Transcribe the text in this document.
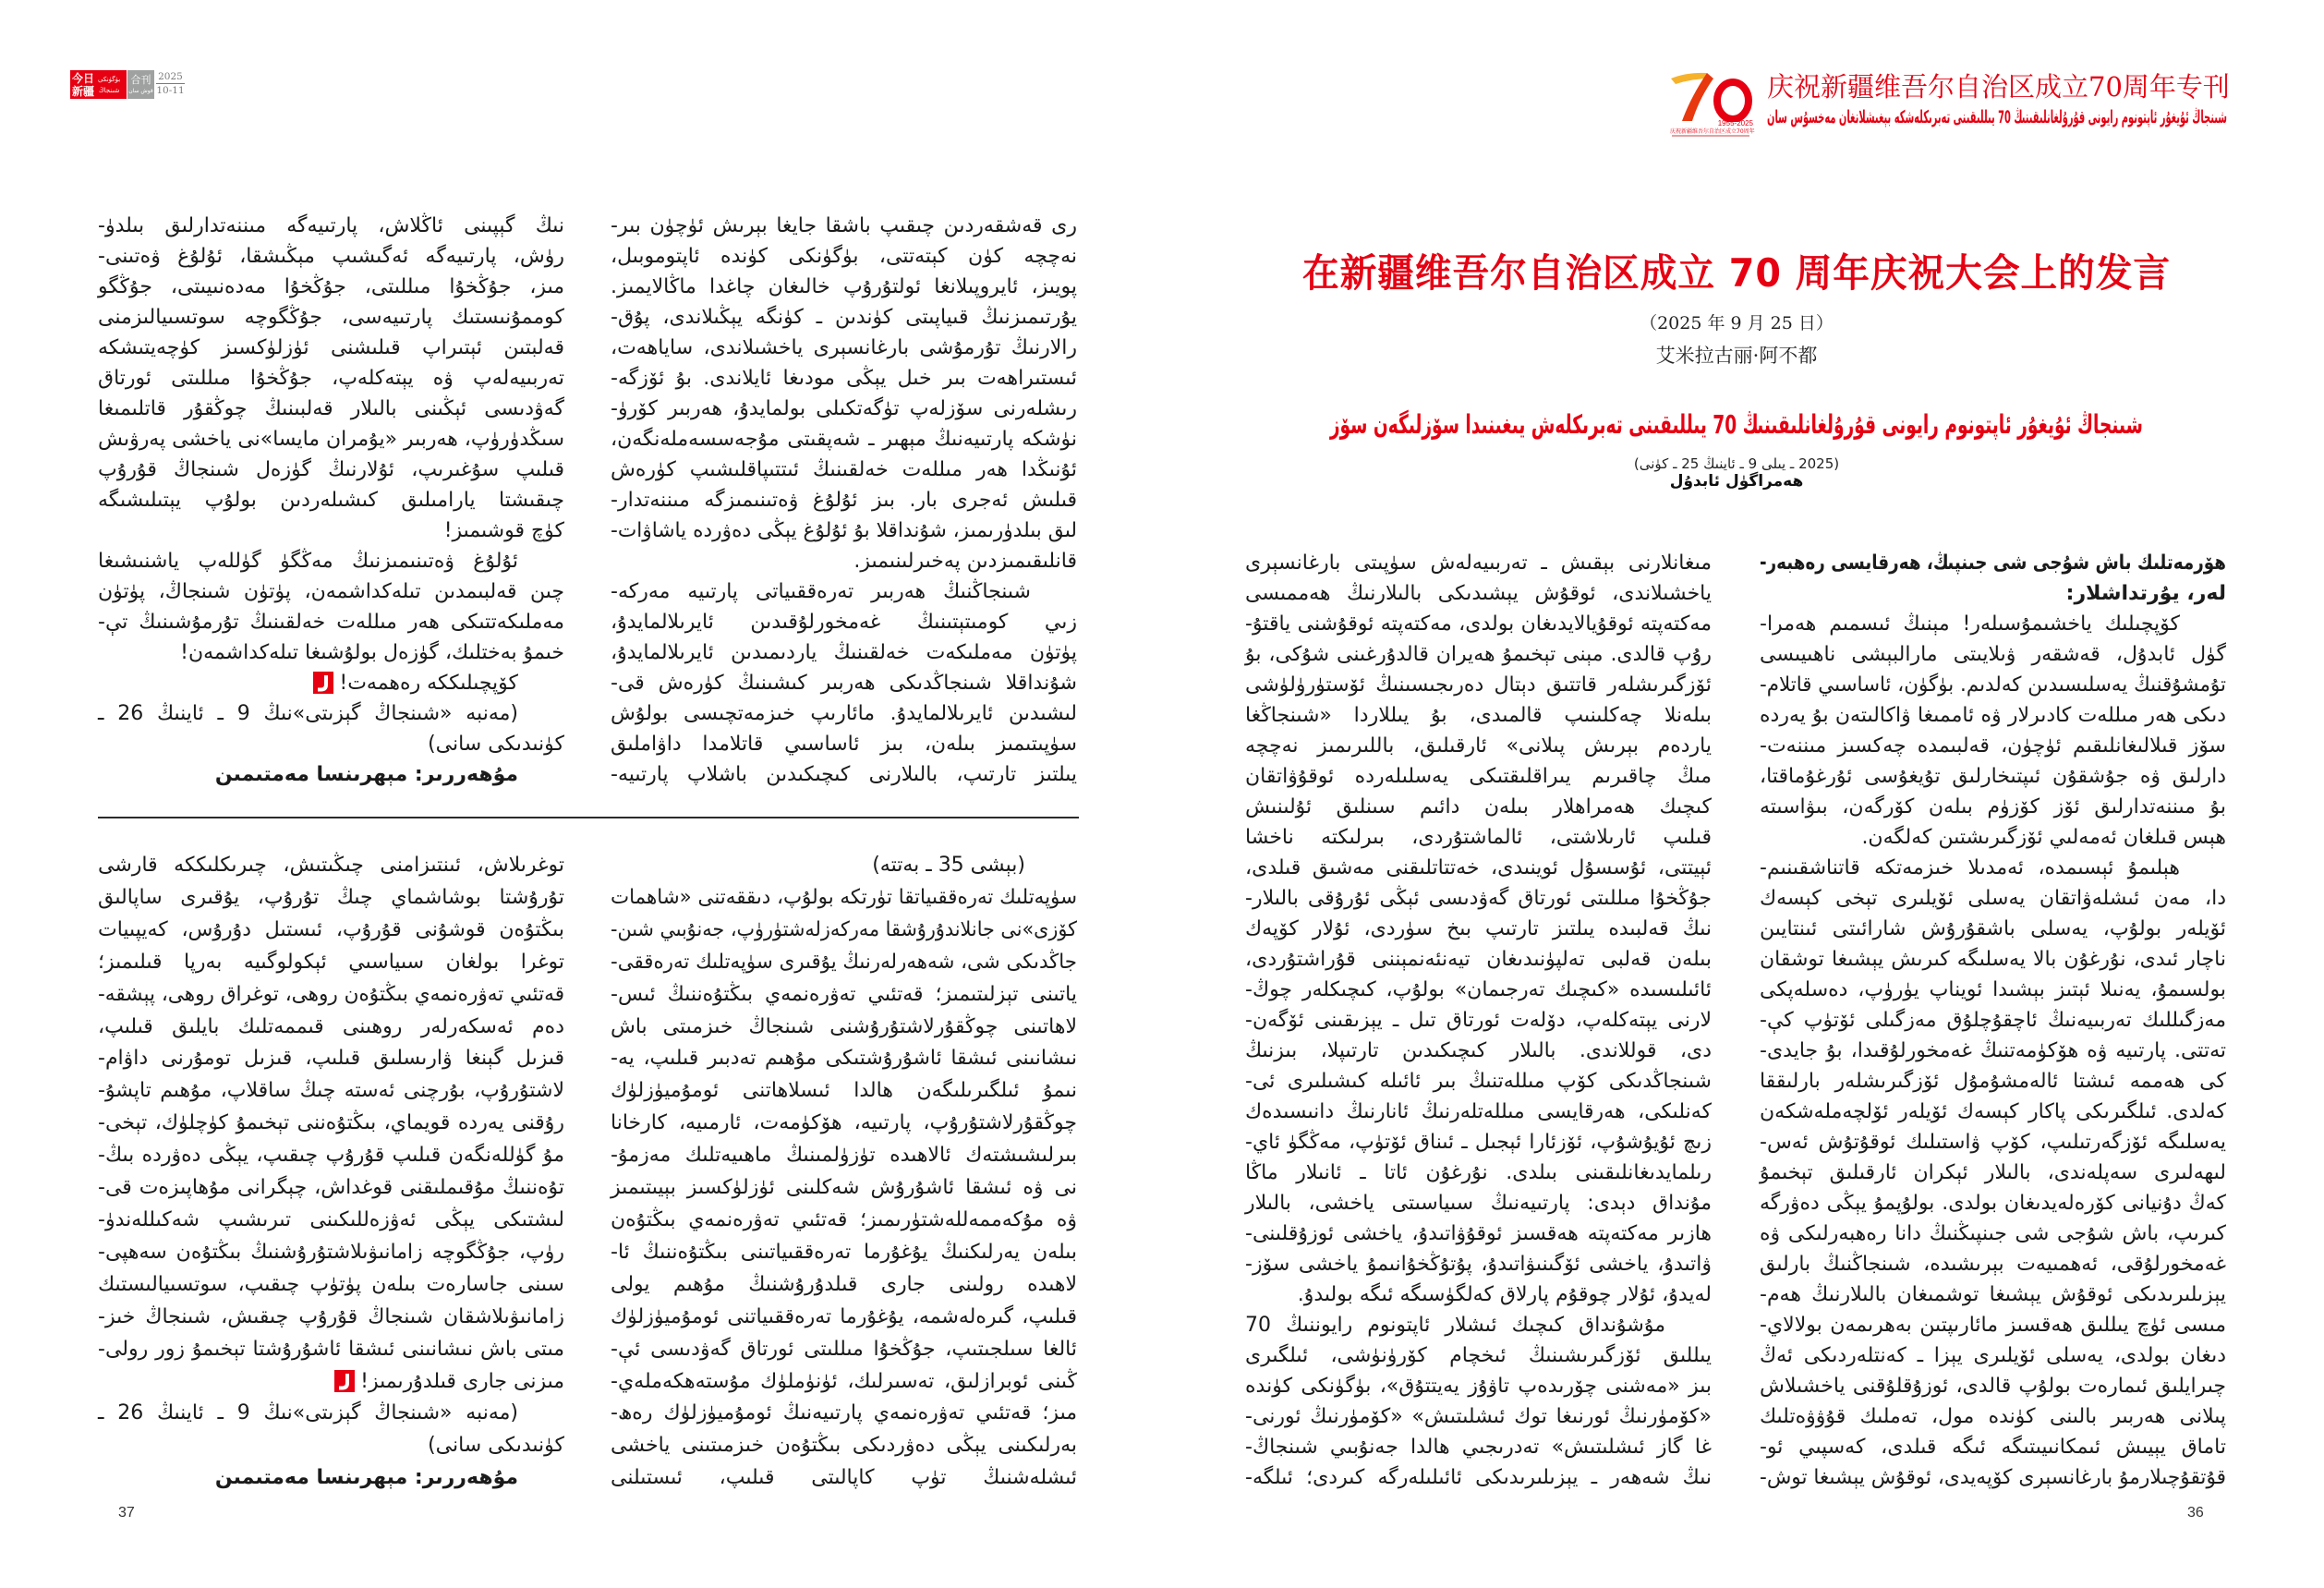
今日
新疆
بۈگۈنكى
شىنجاڭ
合刊
قوش سان
2025
10-11
1955-2025
庆祝新疆维吾尔自治区成立70周年
庆祝新疆维吾尔自治区成立70周年专刊
شىنجاڭ ئۇيغۇر ئاپتونوم رايونى قۇرۇلغانلىقىنىڭ 70 يىللىقىنى تەبرىكلەشكە بېغىشلانغان مەخسۇس سان
在新疆维吾尔自治区成立 70 周年庆祝大会上的发言
（2025 年 9 月 25 日）
艾米拉古丽·阿不都
شىنجاڭ ئۇيغۇر ئاپتونوم رايونى قۇرۇلغانلىقىنىڭ 70 يىللىقىنى تەبرىكلەش يىغىنىدا سۆزلىگەن سۆز
(2025 ـ يىلى 9 ـ ئاينىڭ 25 ـ كۈنى)
ھەمراگۈل ئابدۇل
ھۆرمەتلىك باش شۇجى شى جىنپىڭ، ھەرقايسى رەھبەر-
لەر، يۇرتداشلار:
كۆپچىلىك ياخشىمۇسىلەر! مېنىڭ ئىسمىم ھەمرا-
گۈل ئابدۇل، قەشقەر ۋىلايىتى مارالبېشى ناھىيىسى
تۇمشۇقنىڭ يەسلىسىدىن كەلدىم. بۈگۈن، ئاساسىي قاتلام-
دىكى ھەر مىللەت كادىرلار ۋە ئاممىغا ۋاكالىتەن بۇ يەردە
سۆز قىلالىغانلىقىم ئۈچۈن، قەلبىمدە چەكسىز مىننەت-
دارلىق ۋە جۇشقۇن ئىپتىخارلىق تۇيغۇسى ئۇرغۇماقتا،
بۇ مىننەتدارلىق ئۆز كۆزۈم بىلەن كۆرگەن، بىۋاسىتە
ھېس قىلغان ئەمەلىي ئۆزگىرىشتىن كەلگەن.
ھېلىمۇ ئېسىمدە، ئەمدىلا خىزمەتكە قاتناشقىنىم-
دا، مەن ئىشلەۋاتقان يەسلى ئۆيلىرى تېخى كېسەك
ئۆيلەر بولۇپ، يەسلى باشقۇرۇش شارائىتى ئىنتايىن
ناچار ئىدى، نۇرغۇن بالا يەسلىگە كىرىش يېشىغا توشقان
بولسىمۇ، يەنىلا ئېتىز بېشىدا ئويناپ يۈرۈپ، دەسلەپكى
مەزگىللىك تەربىيەنىڭ ئاچقۇچلۇق مەزگىلى ئۆتۈپ كې-
تەتتى. پارتىيە ۋە ھۆكۈمەتنىڭ غەمخورلۇقىدا، بۇ جايدى-
كى ھەممە ئىشتا ئالەمشۇمۇل ئۆزگىرىشلەر بارلىققا
كەلدى. ئىلگىرىكى پاكار كېسەك ئۆيلەر ئۆلچەملەشكەن
يەسلىگە ئۆزگەرتىلىپ، كۆپ ۋاستىلىك ئوقۇتۇش ئەس-
لىھەلىرى سەپلەندى، بالىلار ئېكران ئارقىلىق تېخىمۇ
كەڭ دۇنيانى كۆرەلەيدىغان بولدى. بولۇپمۇ يېڭى دەۋرگە
كىرىپ، باش شۇجى شى جىنپىڭنىڭ دانا رەھبەرلىكى ۋە
غەمخورلۇقى، ئەھمىيەت بېرىشىدە، شىنجاڭنىڭ بارلىق
يېزىلىرىدىكى ئوقۇش يېشىغا توشمىغان بالىلارنىڭ ھەم-
مىسى ئۈچ يىللىق ھەقسىز مائارىپتىن بەھرىمەن بولالاي-
دىغان بولدى، يەسلى ئۆيلىرى يېزا ـ كەنتلەردىكى ئەڭ
چىرايلىق ئىمارەت بولۇپ قالدى، ئوزۇقلۇقنى ياخشىلاش
پىلانى ھەربىر بالىنى كۈندە مول، تەملىك قۇۋۋەتلىك
تاماق يېيىش ئىمكانىيىتىگە ئىگە قىلدى، كەسپىي ئو-
قۇتقۇچىلارمۇ بارغانسېرى كۆپەيدى، ئوقۇش يېشىغا توش-
مىغانلارنى بېقىش ـ تەربىيەلەش سۈپىتى بارغانسېرى
ياخشىلاندى، ئوقۇش يېشىدىكى بالىلارنىڭ ھەممىسى
مەكتەپتە ئوقۇيالايدىغان بولدى، مەكتەپتە ئوقۇشنى ياقتۇ-
رۇپ قالدى. مېنى تېخىمۇ ھەيران قالدۇرغىنى شۇكى، بۇ
ئۆزگىرىشلەر قاتتىق دېتال دەرىجىسىنىڭ ئۆستۈرۈلۈشى
بىلەنلا چەكلىنىپ قالمىدى، بۇ يىللاردا «شىنجاڭغا
ياردەم بېرىش پىلانى» ئارقىلىق، باللىرىمىز نەچچە
مىڭ چاقىرىم يىراقلىقتىكى يەسلىلەردە ئوقۇۋاتقان
كىچىك ھەمراھلار بىلەن دائىم سىنلىق ئۇلىنىش
قىلىپ ئارىلاشتى، ئالماشتۇردى، بىرلىكتە ناخشا
ئېيتتى، ئۇسسۇل ئوينىدى، خەتتاتلىقنى مەشىق قىلدى،
جۇڭخۇا مىللىتى ئورتاق گەۋدىسى ئېڭى ئۇرۇقى بالىلار-
نىڭ قەلبىدە يىلتىز تارتىپ بىخ سۈردى، ئۇلار كۆپەك
بىلەن قەلبى تەلپۈنىدىغان تيەنئەنمېننى قۇراشتۇردى،
ئائىلىسىدە «كىچىك تەرجىمان» بولۇپ، كىچىكلەر چوڭ-
لارنى يېتەكلەپ، دۆلەت ئورتاق تىل ـ يېزىقىنى ئۆگەن-
دى، قوللاندى. بالىلار كىچىكىدىن تارتىپلا، بىزنىڭ
شىنجاڭدىكى كۆپ مىللەتنىڭ بىر ئائىلە كىشىلىرى ئى-
كەنلىكى، ھەرقايسى مىللەتلەرنىڭ ئانارنىڭ دانىسىدەك
زىچ ئۇيۇشۇپ، ئۆزئارا ئېجىل ـ ئىناق ئۆتۈپ، مەڭگۈ ئاي-
رىلمايدىغانلىقىنى بىلدى. نۇرغۇن ئاتا ـ ئانىلار ماڭا
مۇنداق دېدى: پارتىيەنىڭ سىياسىتى ياخشى، بالىلار
ھازىر مەكتەپتە ھەقسىز ئوقۇۋاتىدۇ، ياخشى ئوزۇقلىنى-
ۋاتىدۇ، ياخشى ئۆگىنىۋاتىدۇ، پۇتۇڭخۇانىمۇ ياخشى سۆز-
لەيدۇ، ئۇلار چوقۇم پارلاق كەلگۈسىگە ئىگە بولىدۇ.
مۇشۇنداق كىچىك ئىشلار ئاپتونوم رايوننىڭ 70
يىللىق ئۆزگىرىشىنىڭ ئىخچام كۆرۈنۈشى، ئىلگىرى
بىز «مەشنى چۆرىدەپ تاۋۇز يەيتتۇق»، بۈگۈنكى كۈندە
«كۆمۈرنىڭ ئورنىغا توك ئىشلىتىش» «كۆمۈرنىڭ ئورنى-
غا گاز ئىشلىتىش» تەدرىجىي ھالدا جەنۇبىي شىنجاڭ-
نىڭ شەھەر ـ يېزىلىرىدىكى ئائىلىلەرگە كىردى؛ ئىلگە-
رى قەشقەردىن چىقىپ باشقا جايغا بېرىش ئۈچۈن بىر-
نەچچە كۈن كېتەتتى، بۈگۈنكى كۈندە ئاپتوموبىل،
پويىز، ئايروپىلانغا ئولتۇرۇپ خالىغان چاغدا ماڭالايمىز.
يۇرتىمىزنىڭ قىياپىتى كۈندىن ـ كۈنگە يېڭىلاندى، پۇق-
رالارنىڭ تۇرمۇشى بارغانسېرى ياخشىلاندى، ساياھەت،
ئىستىراھەت بىر خىل يېڭى مودىغا ئايلاندى. بۇ ئۆزگە-
رىشلەرنى سۆزلەپ تۈگەتكىلى بولمايدۇ، ھەربىر كۆرۈ-
نۈشكە پارتىيەنىڭ مېھىر ـ شەپقىتى مۇجەسسەملەنگەن،
ئۇنىڭدا ھەر مىللەت خەلقىنىڭ ئىتتىپاقلىشىپ كۈرەش
قىلىش ئەجرى بار. بىز ئۇلۇغ ۋەتىنىمىزگە مىننەتدار-
لىق بىلدۈرىمىز، شۇنداقلا بۇ ئۇلۇغ يېڭى دەۋردە ياشاۋات-
قانلىقىمىزدىن پەخىرلىنىمىز.
شىنجاڭنىڭ ھەربىر تەرەققىياتى پارتىيە مەركە-
زىي كومىتېتىنىڭ غەمخورلۇقىدىن ئايرىلالمايدۇ،
پۈتۈن مەملىكەت خەلقىنىڭ ياردىمىدىن ئايرىلالمايدۇ،
شۇنداقلا شىنجاڭدىكى ھەربىر كىشىنىڭ كۈرەش قى-
لىشىدىن ئايرىلالمايدۇ. مائارىپ خىزمەتچىسى بولۇش
سۈپىتىمىز بىلەن، بىز ئاساسىي قاتلامدا داۋاملىق
يىلتىز تارتىپ، بالىلارنى كىچىكىدىن باشلاپ پارتىيە-
نىڭ گېپىنى ئاڭلاش، پارتىيەگە مىننەتدارلىق بىلدۈ-
رۈش، پارتىيەگە ئەگىشىپ مېڭىشقا، ئۇلۇغ ۋەتىنى-
مىز، جۇڭخۇا مىللىتى، جۇڭخۇا مەدەنىيىتى، جۇڭگو
كوممۇنىستىك پارتىيەسى، جۇڭگوچە سوتسىيالىزمنى
قەلبتىن ئېتىراپ قىلىشنى ئۈزلۈكسىز كۈچەيتىشكە
تەربىيەلەپ ۋە يېتەكلەپ، جۇڭخۇا مىللىتى ئورتاق
گەۋدىسى ئېڭىنى بالىلار قەلبىنىڭ چوڭقۇر قاتلىمىغا
سىڭدۈرۈپ، ھەربىر «يۇمران مايسا»نى ياخشى پەرۋىش
قىلىپ سۇغىرىپ، ئۇلارنىڭ گۈزەل شىنجاڭ قۇرۇپ
چىقىشتا يارامىلىق كىشىلەردىن بولۇپ يېتىلىشىگە
كۈچ قوشىمىز!
ئۇلۇغ ۋەتىنىمىزنىڭ مەڭگۈ گۈللەپ ياشنىشىغا
چىن قەلبىمدىن تىلەكداشمەن، پۈتۈن شىنجاڭ، پۈتۈن
مەملىكەتتىكى ھەر مىللەت خەلقىنىڭ تۇرمۇشىنىڭ تې-
خىمۇ بەختلىك، گۈزەل بولۇشىغا تىلەكداشمەن!
كۆپچىلىككە رەھمەت!
(مەنبە «شىنجاڭ گېزىتى»نىڭ 9 ـ ئاينىڭ 26 ـ
كۈنىدىكى سانى)
مۇھەررىر: مېھرىنسا مەمتىمىن
(بېشى 35 ـ بەتتە)
سۈپەتلىك تەرەققىياتقا تۈرتكە بولۇپ، دىققەتنى «شاھمات
كۆزى»نى جانلاندۇرۇشقا مەركەزلەشتۈرۈپ، جەنۇبىي شىن-
جاڭدىكى شى، شەھەرلەرنىڭ يۇقىرى سۈپەتلىك تەرەققى-
ياتىنى تېزلىتىمىز؛ قەتئىي تەۋرەنمەي بىڭتۇەننىڭ ئىس-
لاھاتىنى چوڭقۇرلاشتۇرۇشنى شىنجاڭ خىزمىتى باش
نىشانىنى ئىشقا ئاشۇرۇشتىكى مۇھىم تەدبىر قىلىپ، يە-
نىمۇ ئىلگىرىلىگەن ھالدا ئىسلاھاتنى ئومۇميۈزلۈك
چوڭقۇرلاشتۇرۇپ، پارتىيە، ھۆكۈمەت، ئارمىيە، كارخانا
بىرلىشىشتەك ئالاھىدە تۈزۈلمىنىڭ ماھىيەتلىك مەزمۇ-
نى ۋە ئىشقا ئاشۇرۇش شەكلىنى ئۈزلۈكسىز بېيىتىمىز
ۋە مۇكەممەللەشتۈرىمىز؛ قەتئىي تەۋرەنمەي بىڭتۇەن
بىلەن يەرلىكنىڭ يۇغۇرما تەرەققىياتىنى بىڭتۇەننىڭ ئا-
لاھىدە رولىنى جارى قىلدۇرۇشنىڭ مۇھىم يولى
قىلىپ، گىرەلەشمە، يۇغۇرما تەرەققىياتنى ئومۇميۈزلۈك
ئالغا سىلجىتىپ، جۇڭخۇا مىللىتى ئورتاق گەۋدىسى ئې-
ڭىنى ئوبرازلىق، تەسىرلىك، ئۈنۈملۈك مۇستەھكەملەي-
مىز؛ قەتئىي تەۋرەنمەي پارتىيەنىڭ ئومۇميۈزلۈك رەھ-
بەرلىكىنى يېڭى دەۋردىكى بىڭتۇەن خىزمىتىنى ياخشى
ئىشلەشنىڭ تۈپ كاپالىتى قىلىپ، ئىستىلنى
توغرىلاش، ئىنتىزامنى چىڭىتىش، چىرىكلىككە قارشى
تۇرۇشتا بوشاشماي چىڭ تۇرۇپ، يۇقىرى ساپالىق
بىڭتۇەن قوشۇنى قۇرۇپ، ئىستىل دۇرۇس، كەيپىيات
توغرا بولغان سىياسىي ئېكولوگىيە بەرپا قىلىمىز؛
قەتئىي تەۋرەنمەي بىڭتۇەن روھى، توغراق روھى، پېشقە-
دەم ئەسكەرلەر روھىنى قىممەتلىك بايلىق قىلىپ،
قىزىل گېنغا ۋارىسلىق قىلىپ، قىزىل تومۇرنى داۋام-
لاشتۇرۇپ، بۇرچنى ئەستە چىڭ ساقلاپ، مۇھىم تاپشۇ-
رۇقنى يەردە قويماي، بىڭتۇەننى تېخىمۇ كۈچلۈك، تېخى-
مۇ گۈللەنگەن قىلىپ قۇرۇپ چىقىپ، يېڭى دەۋردە بىڭ-
تۇەننىڭ مۇقىملىقنى قوغداش، چېگرانى مۇھاپىزەت قى-
لىشتىكى يېڭى ئەۋزەللىكىنى تىرىشىپ شەكىللەندۈ-
رۈپ، جۇڭگوچە زامانىۋىلاشتۇرۇشنىڭ بىڭتۇەن سەھپى-
سىنى جاسارەت بىلەن پۈتۈپ چىقىپ، سوتسىيالىستىك
زامانىۋىلاشقان شىنجاڭ قۇرۇپ چىقىش، شىنجاڭ خىز-
مىتى باش نىشانىنى ئىشقا ئاشۇرۇشتا تېخىمۇ زور رولى-
مىزنى جارى قىلدۇرىمىز!
(مەنبە «شىنجاڭ گېزىتى»نىڭ 9 ـ ئاينىڭ 26 ـ
كۈنىدىكى سانى)
مۇھەررىر: مېھرىنسا مەمتىمىن
37	36
